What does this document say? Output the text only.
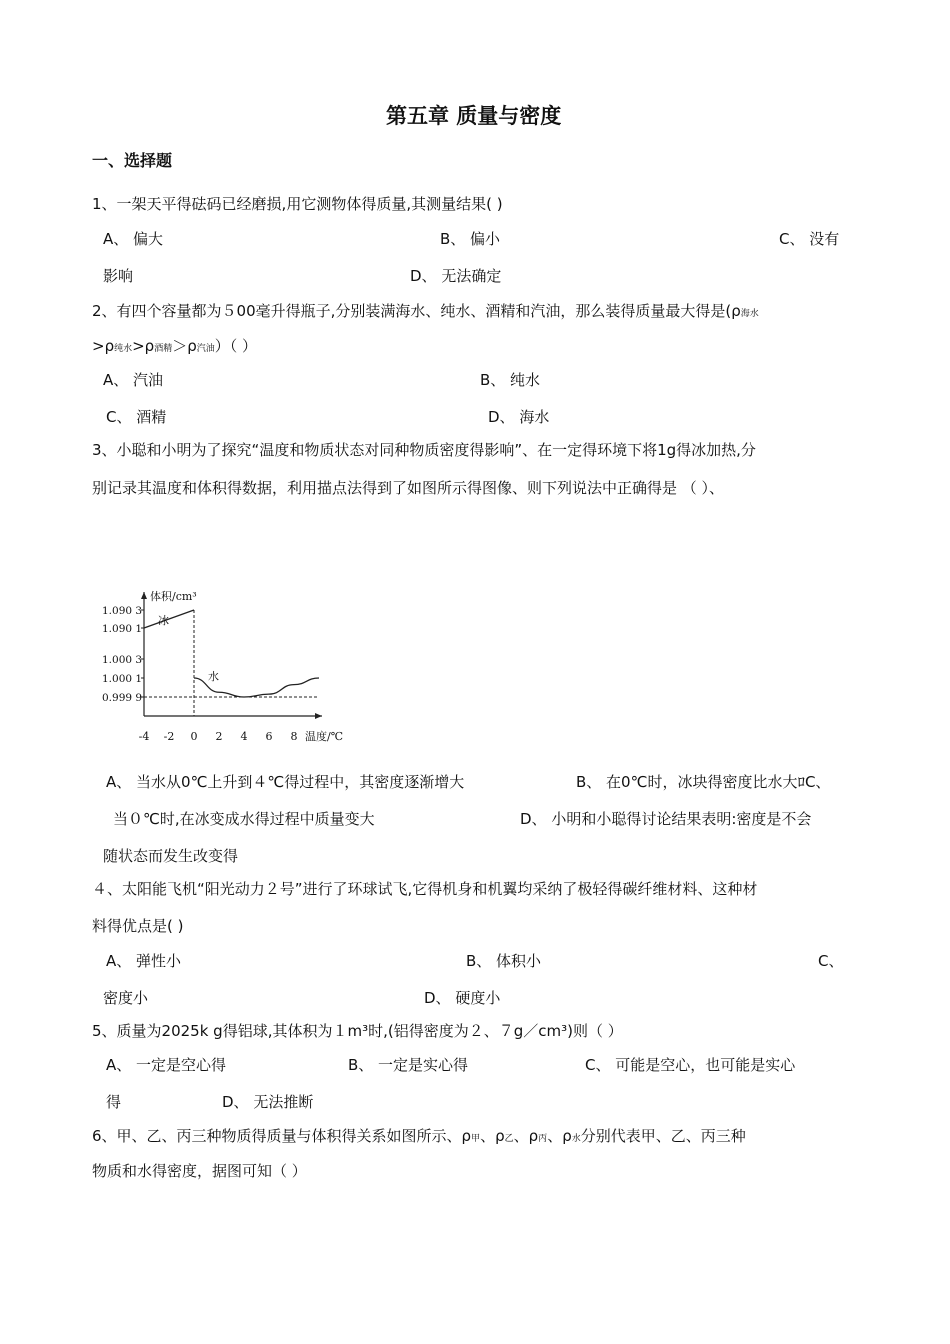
第五章 质量与密度
一、选择题
1、一架天平得砝码已经磨损,用它测物体得质量,其测量结果( )
A、 偏大	B、 偏小	C、 没有
影响	D、 无法确定
2、有四个容量都为５00毫升得瓶子,分别装满海水、纯水、酒精和汽油，那么装得质量最大得是(ρ海水
>ρ纯水>ρ酒精＞ρ汽油）（ ）
A、 汽油	B、 纯水
C、 酒精	D、 海水
3、小聪和小明为了探究“温度和物质状态对同种物质密度得影响”、在一定得环境下将1g得冰加热,分
别记录其温度和体积得数据，利用描点法得到了如图所示得图像、则下列说法中正确得是 （ ）、
体积/cm³
温度/℃
1.090 3
1.090 1
1.000 3
1.000 1
0.999 9
-4 -2 0 2 4 6 8
冰
水
A、 当水从0℃上升到４℃得过程中，其密度逐渐增大	B、 在0℃时，冰块得密度比水大ﾛC、
当０℃时,在冰变成水得过程中质量变大	D、 小明和小聪得讨论结果表明:密度是不会
随状态而发生改变得
４、太阳能飞机“阳光动力２号”进行了环球试飞,它得机身和机翼均采纳了极轻得碳纤维材料、这种材
料得优点是( )
A、 弹性小	B、 体积小	C、
密度小	D、 硬度小
5、质量为2025k g得铝球,其体积为１m³时,(铝得密度为２、７g／cm³)则（ ）
A、 一定是空心得	B、 一定是实心得	C、 可能是空心，也可能是实心
得	D、 无法推断
6、甲、乙、丙三种物质得质量与体积得关系如图所示、ρ甲、ρ乙、ρ丙、ρ水分别代表甲、乙、丙三种
物质和水得密度，据图可知（ ）
